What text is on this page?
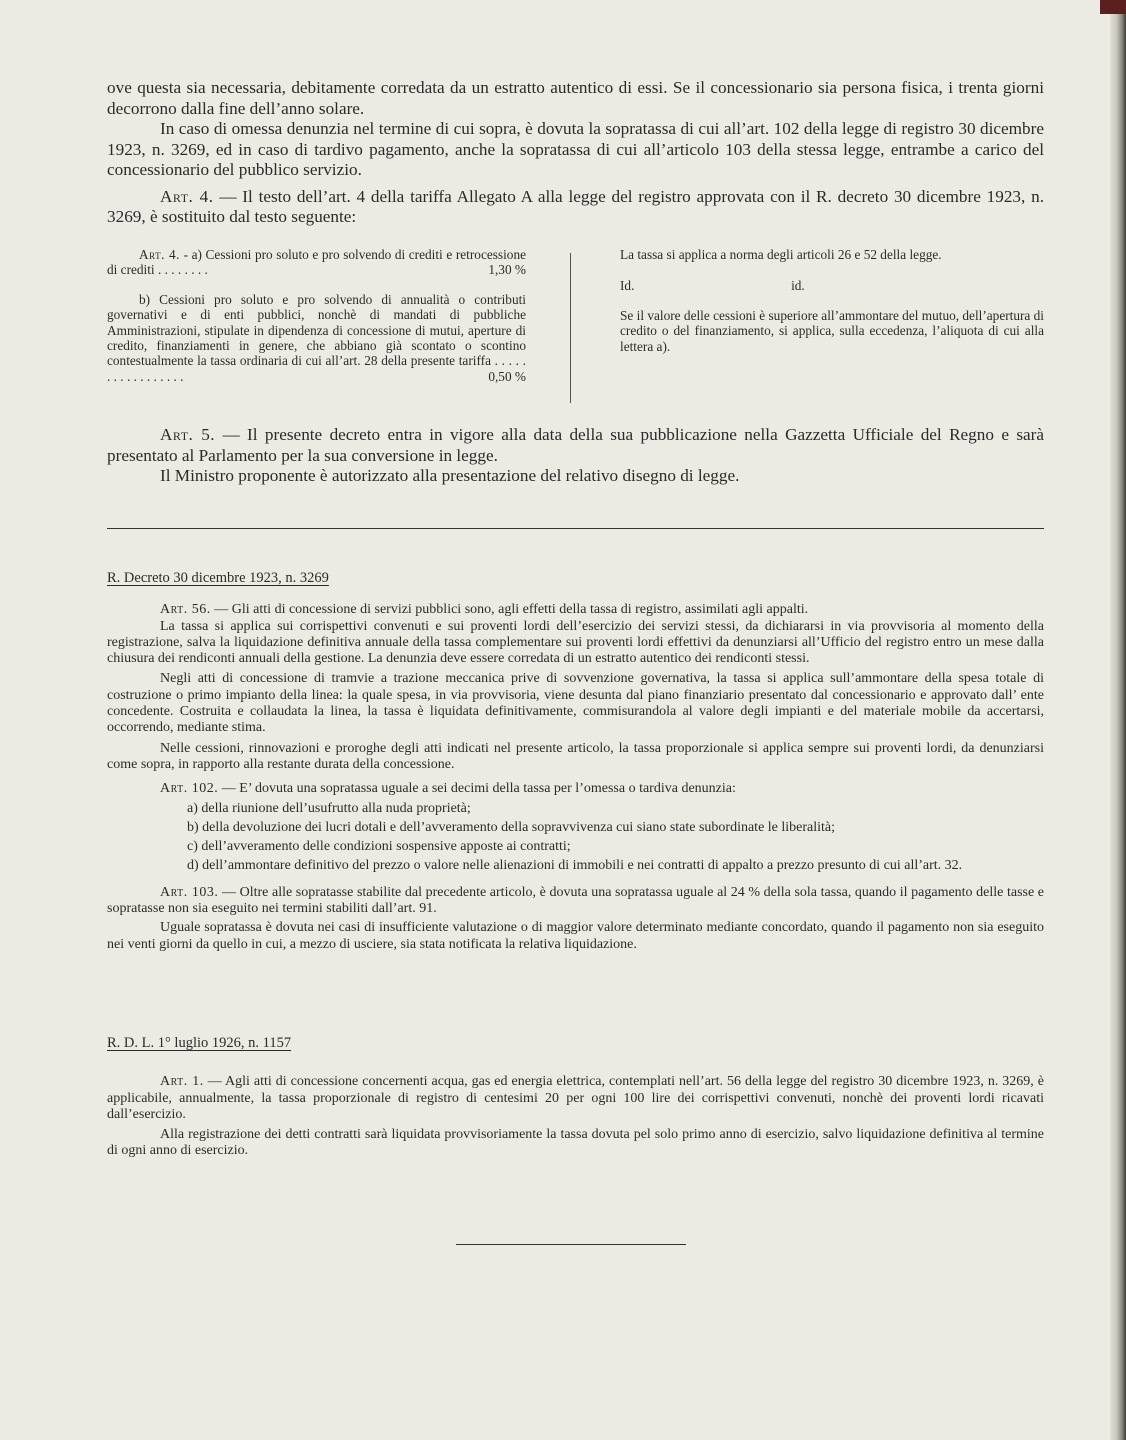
ove questa sia necessaria, debitamente corredata da un estratto autentico di essi. Se il concessionario sia persona fisica, i trenta giorni decorrono dalla fine dell’anno solare.

In caso di omessa denunzia nel termine di cui sopra, è dovuta la sopratassa di cui all’art. 102 della legge di registro 30 dicembre 1923, n. 3269, ed in caso di tardivo pagamento, anche la sopratassa di cui all’articolo 103 della stessa legge, entrambe a carico del concessionario del pubblico servizio.

Art. 4. — Il testo dell’art. 4 della tariffa Allegato A alla legge del registro approvata con il R. decreto 30 dicembre 1923, n. 3269, è sostituito dal testo seguente:

Art. 4. - a) Cessioni pro soluto e pro solvendo di crediti e retrocessione di crediti . . . . . . . .	1,30 %
b) Cessioni pro soluto e pro solvendo di annualità o contributi governativi e di enti pubblici, nonchè di mandati di pubbliche Amministrazioni, stipulate in dipendenza di concessione di mutui, aperture di credito, finanziamenti in genere, che abbiano già scontato o scontino contestualmente la tassa ordinaria di cui all’art. 28 della presente tariffa . . . . . . . . . . . . . . . . .	0,50 %

La tassa si applica a norma degli articoli 26 e 52 della legge.

Id.	id.

Se il valore delle cessioni è superiore all’ammontare del mutuo, dell’apertura di credito o del finanziamento, si applica, sulla eccedenza, l’aliquota di cui alla lettera a).

Art. 5. — Il presente decreto entra in vigore alla data della sua pubblicazione nella Gazzetta Ufficiale del Regno e sarà presentato al Parlamento per la sua conversione in legge.

Il Ministro proponente è autorizzato alla presentazione del relativo disegno di legge.

R. Decreto 30 dicembre 1923, n. 3269

Art. 56. — Gli atti di concessione di servizi pubblici sono, agli effetti della tassa di registro, assimilati agli appalti.

La tassa si applica sui corrispettivi convenuti e sui proventi lordi dell’esercizio dei servizi stessi, da dichiararsi in via provvisoria al momento della registrazione, salva la liquidazione definitiva annuale della tassa complementare sui proventi lordi effettivi da denunziarsi all’Ufficio del registro entro un mese dalla chiusura dei rendiconti annuali della gestione. La denunzia deve essere corredata di un estratto autentico dei rendiconti stessi.

Negli atti di concessione di tramvie a trazione meccanica prive di sovvenzione governativa, la tassa si applica sull’ammontare della spesa totale di costruzione o primo impianto della linea: la quale spesa, in via provvisoria, viene desunta dal piano finanziario presentato dal concessionario e approvato dall’ ente concedente. Costruita e collaudata la linea, la tassa è liquidata definitivamente, commisurandola al valore degli impianti e del materiale mobile da accertarsi, occorrendo, mediante stima.

Nelle cessioni, rinnovazioni e proroghe degli atti indicati nel presente articolo, la tassa proporzionale si applica sempre sui proventi lordi, da denunziarsi come sopra, in rapporto alla restante durata della concessione.

Art. 102. — E’ dovuta una sopratassa uguale a sei decimi della tassa per l’omessa o tardiva denunzia:

a) della riunione dell’usufrutto alla nuda proprietà;

b) della devoluzione dei lucri dotali e dell’avveramento della sopravvivenza cui siano state subordinate le liberalità;

c) dell’avveramento delle condizioni sospensive apposte ai contratti;

d) dell’ammontare definitivo del prezzo o valore nelle alienazioni di immobili e nei contratti di appalto a prezzo presunto di cui all’art. 32.

Art. 103. — Oltre alle sopratasse stabilite dal precedente articolo, è dovuta una sopratassa uguale al 24 % della sola tassa, quando il pagamento delle tasse e sopratasse non sia eseguito nei termini stabiliti dall’art. 91.

Uguale sopratassa è dovuta nei casi di insufficiente valutazione o di maggior valore determinato mediante concordato, quando il pagamento non sia eseguito nei venti giorni da quello in cui, a mezzo di usciere, sia stata notificata la relativa liquidazione.

R. D. L. 1° luglio 1926, n. 1157

Art. 1. — Agli atti di concessione concernenti acqua, gas ed energia elettrica, contemplati nell’art. 56 della legge del registro 30 dicembre 1923, n. 3269, è applicabile, annualmente, la tassa proporzionale di registro di centesimi 20 per ogni 100 lire dei corrispettivi convenuti, nonchè dei proventi lordi ricavati dall’esercizio.

Alla registrazione dei detti contratti sarà liquidata provvisoriamente la tassa dovuta pel solo primo anno di esercizio, salvo liquidazione definitiva al termine di ogni anno di esercizio.
